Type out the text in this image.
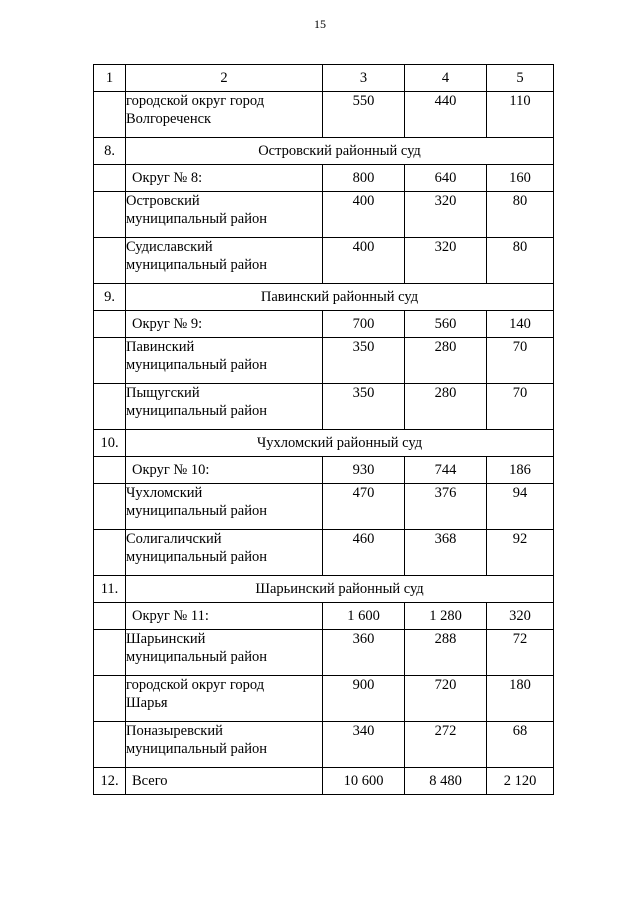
15
1	2	3	4	5

	городской округ город
Волгореченск	550	440	110
8.	Островский районный суд			

	Округ № 8:	800	640	160

	Островский
муниципальный район	400	320	80

	Судиславский
муниципальный район	400	320	80
9.	Павинский районный суд			

	Округ № 9:	700	560	140

	Павинский
муниципальный район	350	280	70

	Пыщугский
муниципальный район	350	280	70
10.	Чухломский районный суд			

	Округ № 10:	930	744	186

	Чухломский
муниципальный район	470	376	94

	Солигаличский
муниципальный район	460	368	92
11.	Шарьинский районный суд			

	Округ № 11:	1 600	1 280	320

	Шарьинский
муниципальный район	360	288	72

	городской округ город
Шарья	900	720	180

	Поназыревский
муниципальный район	340	272	68
12.	Всего	10 600	8 480	2 120
